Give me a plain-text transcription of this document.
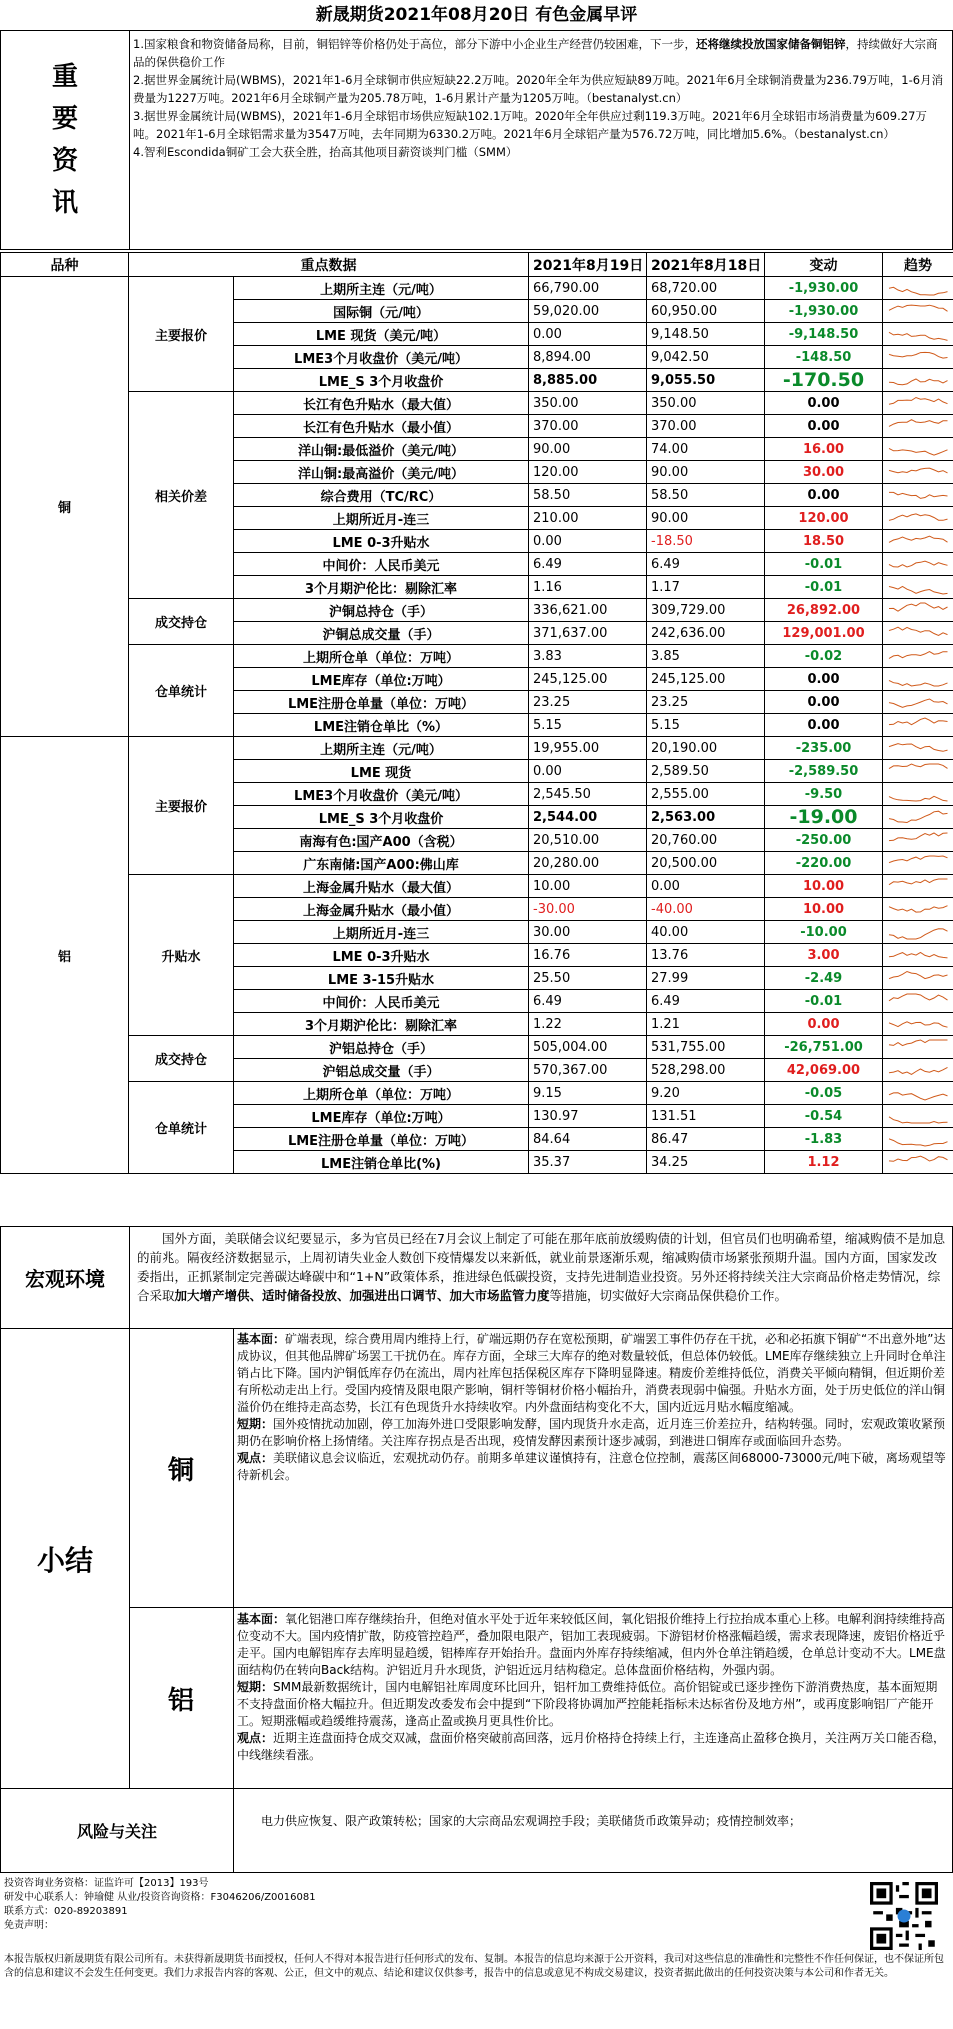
新晟期货2021年08月20日 有色金属早评
重
要
资
讯

1.国家粮食和物资储备局称，目前，铜铝锌等价格仍处于高位，部分下游中小企业生产经营仍较困难，下一步，还将继续投放国家储备铜铝锌，持续做好大宗商品的保供稳价工作

2.据世界金属统计局(WBMS)，2021年1-6月全球铜市供应短缺22.2万吨。2020年全年为供应短缺89万吨。2021年6月全球铜消费量为236.79万吨，1-6月消费量为1227万吨。2021年6月全球铜产量为205.78万吨，1-6月累计产量为1205万吨。（bestanalyst.cn）

3.据世界金属统计局(WBMS)，2021年1-6月全球铝市场供应短缺102.1万吨。2020年全年供应过剩119.3万吨。2021年6月全球铝市场消费量为609.27万吨。2021年1-6月全球铝需求量为3547万吨，去年同期为6330.2万吨。2021年6月全球铝产量为576.72万吨，同比增加5.6%。（bestanalyst.cn）

4.智利Escondida铜矿工会大获全胜，抬高其他项目薪资谈判门槛（SMM）

品种	重点数据		2021年8月19日	2021年8月18日	变动	趋势
铜	主要报价	上期所主连（元/吨）	66,790.00	68,720.00	-1,930.00	

		国际铜（元/吨）	59,020.00	60,950.00	-1,930.00	

		LME 现货（美元/吨）	0.00	9,148.50	-9,148.50	

		LME3个月收盘价（美元/吨）	8,894.00	9,042.50	-148.50	

		LME_S 3个月收盘价	8,885.00	9,055.50	-170.50	

	相关价差	长江有色升贴水（最大值）	350.00	350.00	0.00	

		长江有色升贴水（最小值）	370.00	370.00	0.00	

		洋山铜:最低溢价（美元/吨）	90.00	74.00	16.00	

		洋山铜:最高溢价（美元/吨）	120.00	90.00	30.00	

		综合费用（TC/RC）	58.50	58.50	0.00	

		上期所近月-连三	210.00	90.00	120.00	

		LME 0-3升贴水	0.00	-18.50	18.50	

		中间价：人民币美元	6.49	6.49	-0.01	

		3个月期沪伦比：剔除汇率	1.16	1.17	-0.01	

	成交持仓	沪铜总持仓（手）	336,621.00	309,729.00	26,892.00	

		沪铜总成交量（手）	371,637.00	242,636.00	129,001.00	

	仓单统计	上期所仓单（单位：万吨）	3.83	3.85	-0.02	

		LME库存（单位:万吨）	245,125.00	245,125.00	0.00	

		LME注册仓单量（单位：万吨）	23.25	23.25	0.00	

		LME注销仓单比（%）	5.15	5.15	0.00	

铝	主要报价	上期所主连（元/吨）	19,955.00	20,190.00	-235.00	

		LME 现货	0.00	2,589.50	-2,589.50	

		LME3个月收盘价（美元/吨）	2,545.50	2,555.00	-9.50	

		LME_S 3个月收盘价	2,544.00	2,563.00	-19.00	

		南海有色:国产A00（含税）	20,510.00	20,760.00	-250.00	

		广东南储:国产A00:佛山库	20,280.00	20,500.00	-220.00	

	升贴水	上海金属升贴水（最大值）	10.00	0.00	10.00	

		上海金属升贴水（最小值）	-30.00	-40.00	10.00	

		上期所近月-连三	30.00	40.00	-10.00	

		LME 0-3升贴水	16.76	13.76	3.00	

		LME 3-15升贴水	25.50	27.99	-2.49	

		中间价：人民币美元	6.49	6.49	-0.01	

		3个月期沪伦比：剔除汇率	1.22	1.21	0.00	

	成交持仓	沪铝总持仓（手）	505,004.00	531,755.00	-26,751.00	

		沪铝总成交量（手）	570,367.00	528,298.00	42,069.00	

	仓单统计	上期所仓单（单位：万吨）	9.15	9.20	-0.05	

		LME库存（单位:万吨）	130.97	131.51	-0.54	

		LME注册仓单量（单位：万吨）	84.64	86.47	-1.83	

		LME注销仓单比(%)	35.37	34.25	1.12	
宏观环境

国外方面，美联储会议纪要显示，多为官员已经在7月会议上制定了可能在那年底前放缓购债的计划，但官员们也明确希望，缩减购债不是加息的前兆。隔夜经济数据显示，上周初请失业金人数创下疫情爆发以来新低，就业前景逐渐乐观，缩减购债市场紧张预期升温。国内方面，国家发改委指出，正抓紧制定完善碳达峰碳中和“1+N”政策体系，推进绿色低碳投资，支持先进制造业投资。另外还将持续关注大宗商品价格走势情况，综合采取加大增产增供、适时储备投放、加强进出口调节、加大市场监管力度等措施，切实做好大宗商品保供稳价工作。

小结
铜

基本面：矿端表现，综合费用周内维持上行，矿端远期仍存在宽松预期，矿端罢工事件仍存在干扰，必和必拓旗下铜矿“不出意外地”达成协议，但其他品牌矿场罢工干扰仍在。库存方面，全球三大库存的绝对数量较低，但总体仍较低。LME库存继续独立上升同时仓单注销占比下降。国内沪铜低库存仍在流出，周内社库包括保税区库存下降明显降速。精废价差维持低位，消费关平倾向精铜，但近期价差有所松动走出上行。受国内疫情及限电限产影响，铜杆等铜材价格小幅抬升，消费表现弱中偏强。升贴水方面，处于历史低位的洋山铜溢价仍在维持走高态势，长江有色现货升水持续收窄。内外盘面结构变化不大，国内近远月贴水幅度缩减。

短期：国外疫情扰动加剧，停工加海外进口受限影响发酵，国内现货升水走高，近月连三价差拉升，结构转强。同时，宏观政策收紧预期仍在影响价格上扬情绪。关注库存拐点是否出现，疫情发酵因素预计逐步减弱，到港进口铜库存或面临回升态势。

观点：美联储议息会议临近，宏观扰动仍存。前期多单建议谨慎持有，注意仓位控制，震荡区间68000-73000元/吨下破，离场观望等待新机会。

铝

基本面：氧化铝港口库存继续抬升，但绝对值水平处于近年来较低区间，氧化铝报价维持上行拉抬成本重心上移。电解利润持续维持高位变动不大。国内疫情扩散，防疫管控趋严，叠加限电限产，铝加工表现疲弱。下游铝材价格涨幅趋缓，需求表现降速，废铝价格近乎走平。国内电解铝库存去库明显趋缓，铝棒库存开始抬升。盘面内外库存持续缩减，但内外仓单注销趋缓，仓单总计变动不大。LME盘面结构仍在转向Back结构。沪铝近月升水现货，沪铝近远月结构稳定。总体盘面价格结构，外强内弱。

短期：SMM最新数据统计，国内电解铝社库周度环比回升，铝杆加工费维持低位。高价铝锭或已逐步挫伤下游消费热度，基本面短期不支持盘面价格大幅拉升。但近期发改委发布会中提到“下阶段将协调加严控能耗指标未达标省份及地方州”，或再度影响铝厂产能开工。短期涨幅或趋缓维持震荡，逢高止盈或换月更具性价比。

观点：近期主连盘面持仓成交双减，盘面价格突破前高回落，远月价格持仓持续上行，主连逢高止盈移仓换月，关注两万关口能否稳，中线继续看涨。

风险与关注
电力供应恢复、限产政策转松；国家的大宗商品宏观调控手段；美联储货币政策异动；疫情控制效率；
投资咨询业务资格：证监许可【2013】193号
研发中心联系人：钟瑜健 从业/投资咨询资格：F3046206/Z0016081
联系方式：020-89203891
免责声明：
本报告版权归新晟期货有限公司所有。未获得新晟期货书面授权，任何人不得对本报告进行任何形式的发布、复制。本报告的信息均来源于公开资料，我司对这些信息的准确性和完整性不作任何保证，也不保证所包含的信息和建议不会发生任何变更。我们力求报告内容的客观、公正，但文中的观点、结论和建议仅供参考，报告中的信息或意见不构成交易建议，投资者据此做出的任何投资决策与本公司和作者无关。
